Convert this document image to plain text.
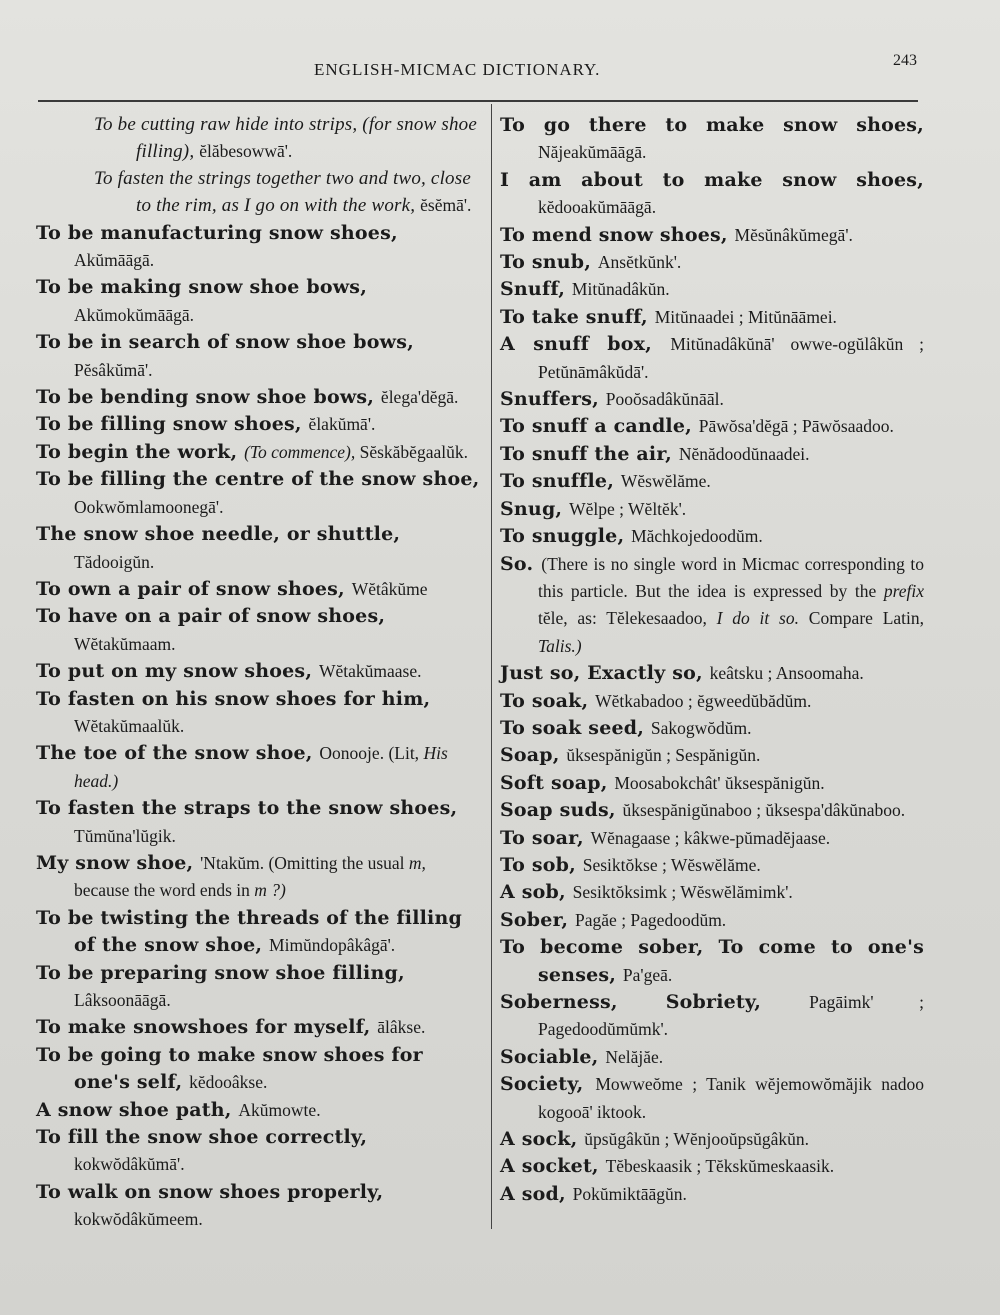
ENGLISH-MICMAC DICTIONARY.	243

To be cutting raw hide into strips, (for snow shoe filling), ĕlăbesowwā'.

To fasten the strings together two and two, close to the rim, as I go on with the work, ĕsĕmā'.

To be manufacturing snow shoes, Akŭmāāgā.

To be making snow shoe bows, Akŭmokŭmāāgā.

To be in search of snow shoe bows, Pĕsâkŭmā'.

To be bending snow shoe bows, ĕlega'dĕgā.

To be filling snow shoes, ĕlakŭmā'.

To begin the work, (To commence), Sĕskăbĕgaalŭk.

To be filling the centre of the snow shoe, Ookwŏmlamoonegā'.

The snow shoe needle, or shuttle, Tădooigŭn.

To own a pair of snow shoes, Wĕtâkŭme

To have on a pair of snow shoes, Wĕtakŭmaam.

To put on my snow shoes, Wĕtakŭmaase.

To fasten on his snow shoes for him, Wĕtakŭmaalŭk.

The toe of the snow shoe, Oonooje. (Lit, His head.)

To fasten the straps to the snow shoes, Tŭmŭna'lŭgik.

My snow shoe, 'Ntakŭm. (Omitting the usual m, because the word ends in m ?)

To be twisting the threads of the filling of the snow shoe, Mimŭndopâkâgā'.

To be preparing snow shoe filling, Lâksoonāāgā.

To make snowshoes for myself, ālâkse.

To be going to make snow shoes for one's self, kĕdooâkse.

A snow shoe path, Akŭmowte.

To fill the snow shoe correctly, kokwŏdâkŭmā'.

To walk on snow shoes properly, kokwŏdâkŭmeem.

To go there to make snow shoes, Năjeakŭmāāgā.

I am about to make snow shoes, kĕdooakŭmāāgā.

To mend snow shoes, Mĕsŭnâkŭmegā'.

To snub, Ansĕtkŭnk'.

Snuff, Mitŭnadâkŭn.

To take snuff, Mitŭnaadei ; Mitŭnāāmei.

A snuff box, Mitŭnadâkŭnā' owwe-ogŭlâkŭn ; Petŭnāmâkŭdā'.

Snuffers, Pooŏsadâkŭnāāl.

To snuff a candle, Pāwŏsa'dĕgā ; Pāwŏsaadoo.

To snuff the air, Nĕnădoodŭnaadei.

To snuffle, Wĕswĕlăme.

Snug, Wĕlpe ; Wĕltĕk'.

To snuggle, Măchkojedoodŭm.

So. (There is no single word in Micmac corresponding to this particle. But the idea is expressed by the prefix tĕle, as: Tĕlekesaadoo, I do it so. Compare Latin, Talis.)

Just so, Exactly so, keâtsku ; Ansoomaha.

To soak, Wĕtkabadoo ; ĕgweedŭbădŭm.

To soak seed, Sakogwŏdŭm.

Soap, ŭksespănigŭn ; Sespănigŭn.

Soft soap, Moosabokchât' ŭksespănigŭn.

Soap suds, ŭksespănigŭnaboo ; ŭksespa'dâkŭnaboo.

To soar, Wĕnagaase ; kâkwe-pŭmadĕjaase.

To sob, Sesiktŏkse ; Wĕswĕlăme.

A sob, Sesiktŏksimk ; Wĕswĕlămimk'.

Sober, Pagăe ; Pagedoodŭm.

To become sober, To come to one's senses, Pa'geā.

Soberness, Sobriety, Pagāimk' ; Pagedoodŭmŭmk'.

Sociable, Nelăjăe.

Society, Mowweŏme ; Tanik wĕjemowŏmăjik nadoo kogooā' iktook.

A sock, ŭpsŭgâkŭn ; Wĕnjooŭpsŭgâkŭn.

A socket, Tĕbeskaasik ; Tĕkskŭmeskaasik.

A sod, Pokŭmiktāāgŭn.
